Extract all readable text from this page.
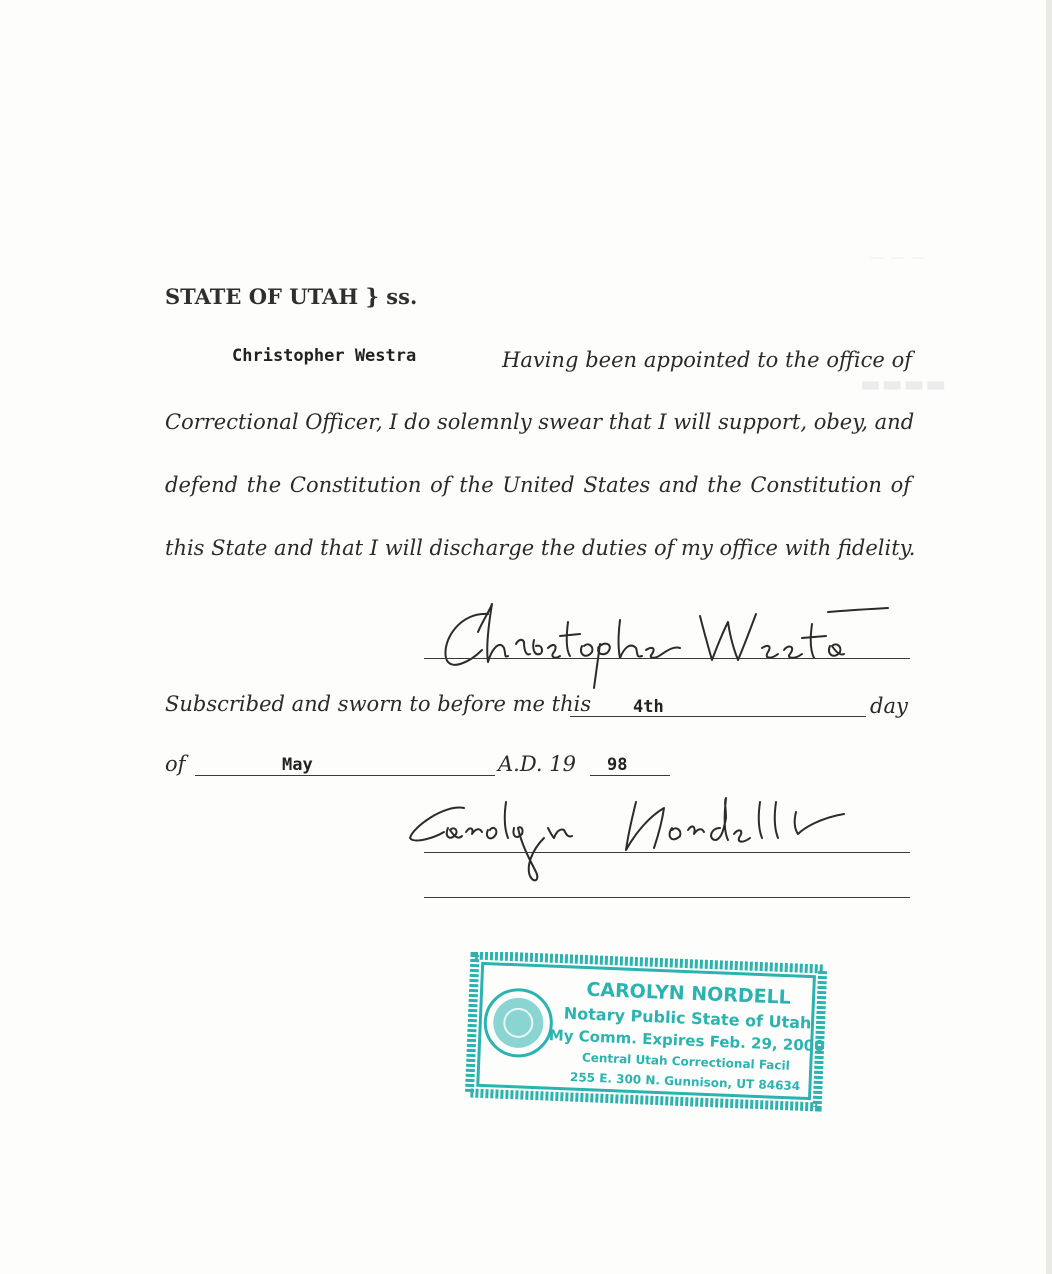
— — —
▬▬▬▬
STATE OF UTAH } ss.
Christopher Westra	Having been appointed to the office of
Correctional Officer, I do solemnly swear that I will support, obey, and
defend the Constitution of the United States and the Constitution of
this State and that I will discharge the duties of my office with fidelity.
Subscribed and sworn to before me this 4th	day
of	May	A.D. 19 98
CAROLYN NORDELL
Notary Public State of Utah
My Comm. Expires Feb. 29, 2000
Central Utah Correctional Facil
255 E. 300 N. Gunnison, UT 84634
